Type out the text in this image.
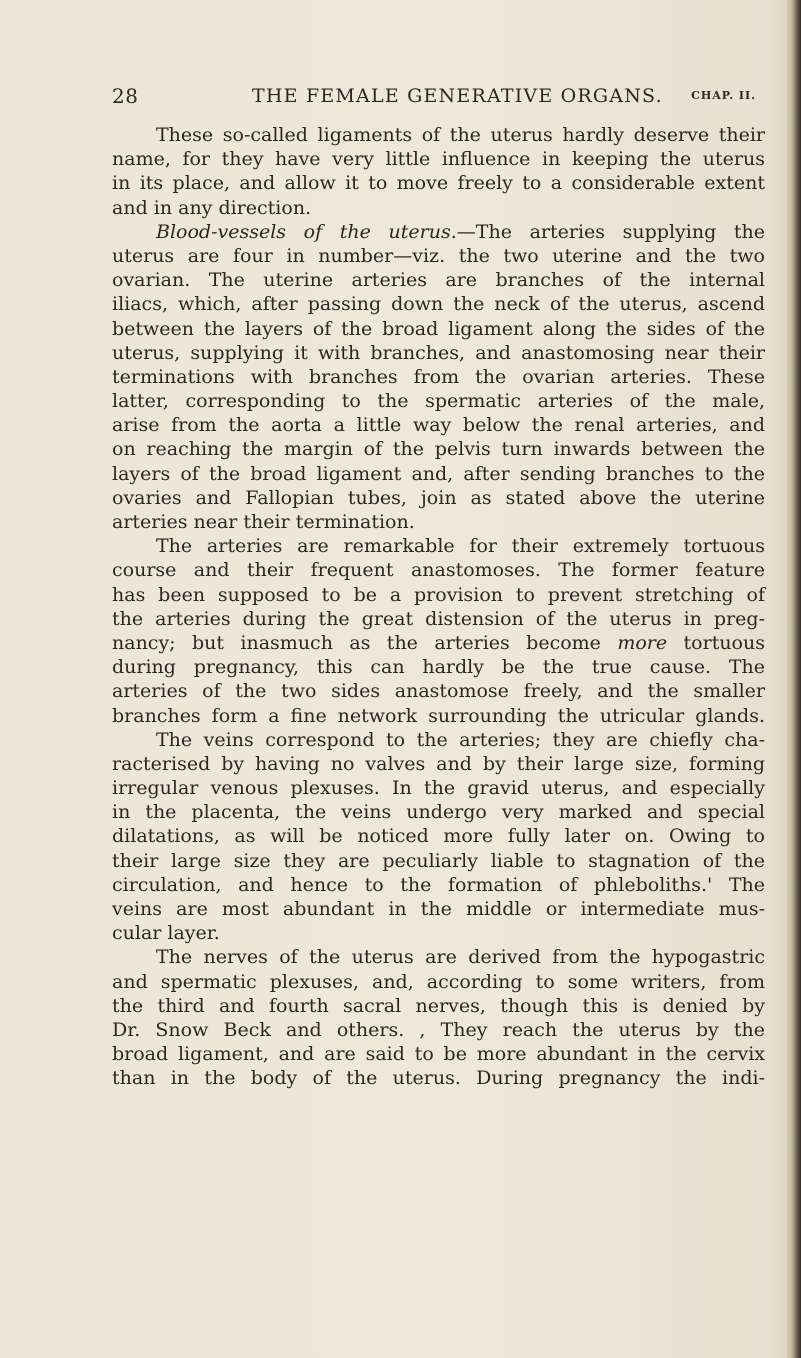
28	THE FEMALE GENERATIVE ORGANS.	CHAP. II.
These so-called ligaments of the uterus hardly deserve their
name, for they have very little influence in keeping the uterus
in its place, and allow it to move freely to a considerable extent
and in any direction.
Blood-vessels of the uterus.—The arteries supplying the
uterus are four in number—viz. the two uterine and the two
ovarian. The uterine arteries are branches of the internal
iliacs, which, after passing down the neck of the uterus, ascend
between the layers of the broad ligament along the sides of the
uterus, supplying it with branches, and anastomosing near their
terminations with branches from the ovarian arteries. These
latter, corresponding to the spermatic arteries of the male,
arise from the aorta a little way below the renal arteries, and
on reaching the margin of the pelvis turn inwards between the
layers of the broad ligament and, after sending branches to the
ovaries and Fallopian tubes, join as stated above the uterine
arteries near their termination.
The arteries are remarkable for their extremely tortuous
course and their frequent anastomoses. The former feature
has been supposed to be a provision to prevent stretching of
the arteries during the great distension of the uterus in preg-
nancy; but inasmuch as the arteries become more tortuous
during pregnancy, this can hardly be the true cause. The
arteries of the two sides anastomose freely, and the smaller
branches form a fine network surrounding the utricular glands.
The veins correspond to the arteries; they are chiefly cha-
racterised by having no valves and by their large size, forming
irregular venous plexuses. In the gravid uterus, and especially
in the placenta, the veins undergo very marked and special
dilatations, as will be noticed more fully later on. Owing to
their large size they are peculiarly liable to stagnation of the
circulation, and hence to the formation of phleboliths.' The
veins are most abundant in the middle or intermediate mus-
cular layer.
The nerves of the uterus are derived from the hypogastric
and spermatic plexuses, and, according to some writers, from
the third and fourth sacral nerves, though this is denied by
Dr. Snow Beck and others. , They reach the uterus by the
broad ligament, and are said to be more abundant in the cervix
than in the body of the uterus. During pregnancy the indi-
